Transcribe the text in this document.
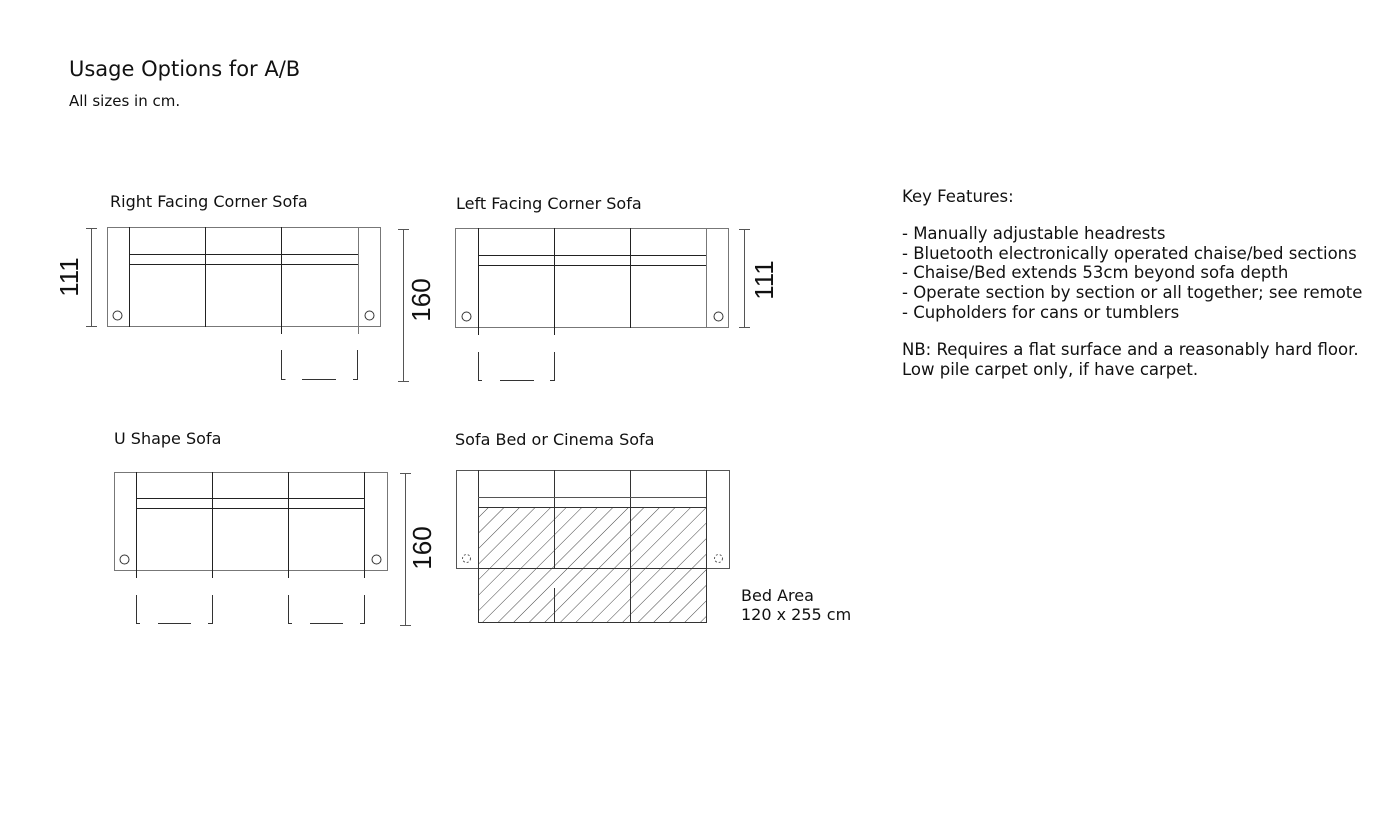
Usage Options for A/B
All sizes in cm.
Right Facing Corner Sofa	Left Facing Corner Sofa
U Shape Sofa	Sofa Bed or Cinema Sofa
111
160	111
160
Bed Area
120 x 255 cm
Key Features:
- Manually adjustable headrests
- Bluetooth electronically operated chaise/bed sections
- Chaise/Bed extends 53cm beyond sofa depth
- Operate section by section or all together; see remote
- Cupholders for cans or tumblers
NB: Requires a flat surface and a reasonably hard floor.
Low pile carpet only, if have carpet.
